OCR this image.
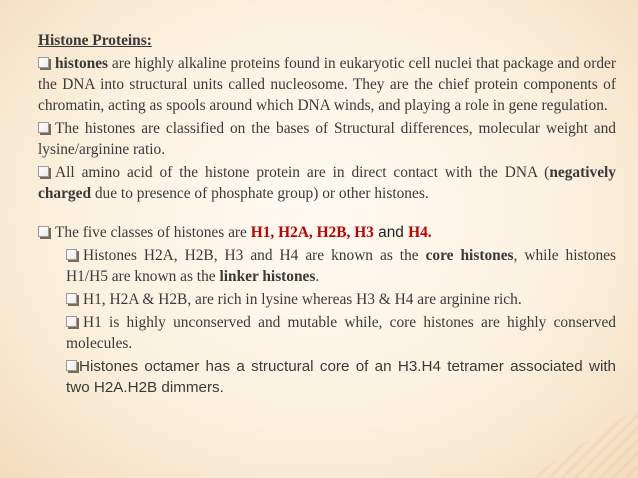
Histone Proteins:
histones are highly alkaline proteins found in eukaryotic cell nuclei that package and order the DNA into structural units called nucleosome. They are the chief protein components of chromatin, acting as spools around which DNA winds, and playing a role in gene regulation.
The histones are classified on the bases of Structural differences, molecular weight and lysine/arginine ratio.
All amino acid of the histone protein are in direct contact with the DNA (negatively charged due to presence of phosphate group) or other histones.
The five classes of histones are H1, H2A, H2B, H3 and H4.
Histones H2A, H2B, H3 and H4 are known as the core histones, while histones H1/H5 are known as the linker histones.
H1, H2A & H2B, are rich in lysine whereas H3 & H4 are arginine rich.
H1 is highly unconserved and mutable while, core histones are highly conserved molecules.
Histones octamer has a structural core of an H3.H4 tetramer associated with two H2A.H2B dimmers.
